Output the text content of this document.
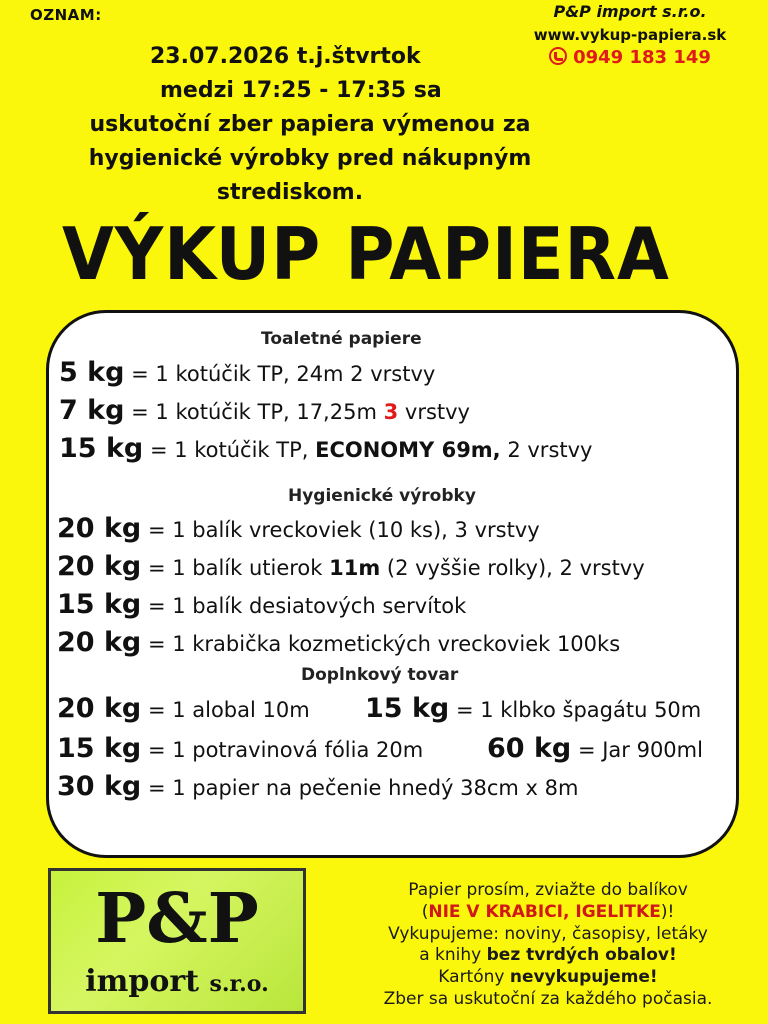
OZNAM:	P&P import s.r.o.
www.vykup-papiera.sk
0949 183 149
23.07.2026 t.j.štvrtok
medzi 17:25 - 17:35 sa
uskutoční zber papiera výmenou za
hygienické výrobky pred nákupným
strediskom.
VÝKUP PAPIERA
Toaletné papiere
5 kg = 1 kotúčik TP, 24m 2 vrstvy
7 kg = 1 kotúčik TP, 17,25m 3 vrstvy
15 kg = 1 kotúčik TP, ECONOMY 69m, 2 vrstvy
Hygienické výrobky
20 kg = 1 balík vreckoviek (10 ks), 3 vrstvy
20 kg = 1 balík utierok 11m (2 vyššie rolky), 2 vrstvy
15 kg = 1 balík desiatových servítok
20 kg = 1 krabička kozmetických vreckoviek 100ks
Doplnkový tovar
20 kg = 1 alobal 10m 15 kg = 1 klbko špagátu 50m
15 kg = 1 potravinová fólia 20m 60 kg = Jar 900ml
30 kg = 1 papier na pečenie hnedý 38cm x 8m
P&P
import s.r.o.
Papier prosím, zviažte do balíkov
(NIE V KRABICI, IGELITKE)!
Vykupujeme: noviny, časopisy, letáky
a knihy bez tvrdých obalov!
Kartóny nevykupujeme!
Zber sa uskutoční za každého počasia.
